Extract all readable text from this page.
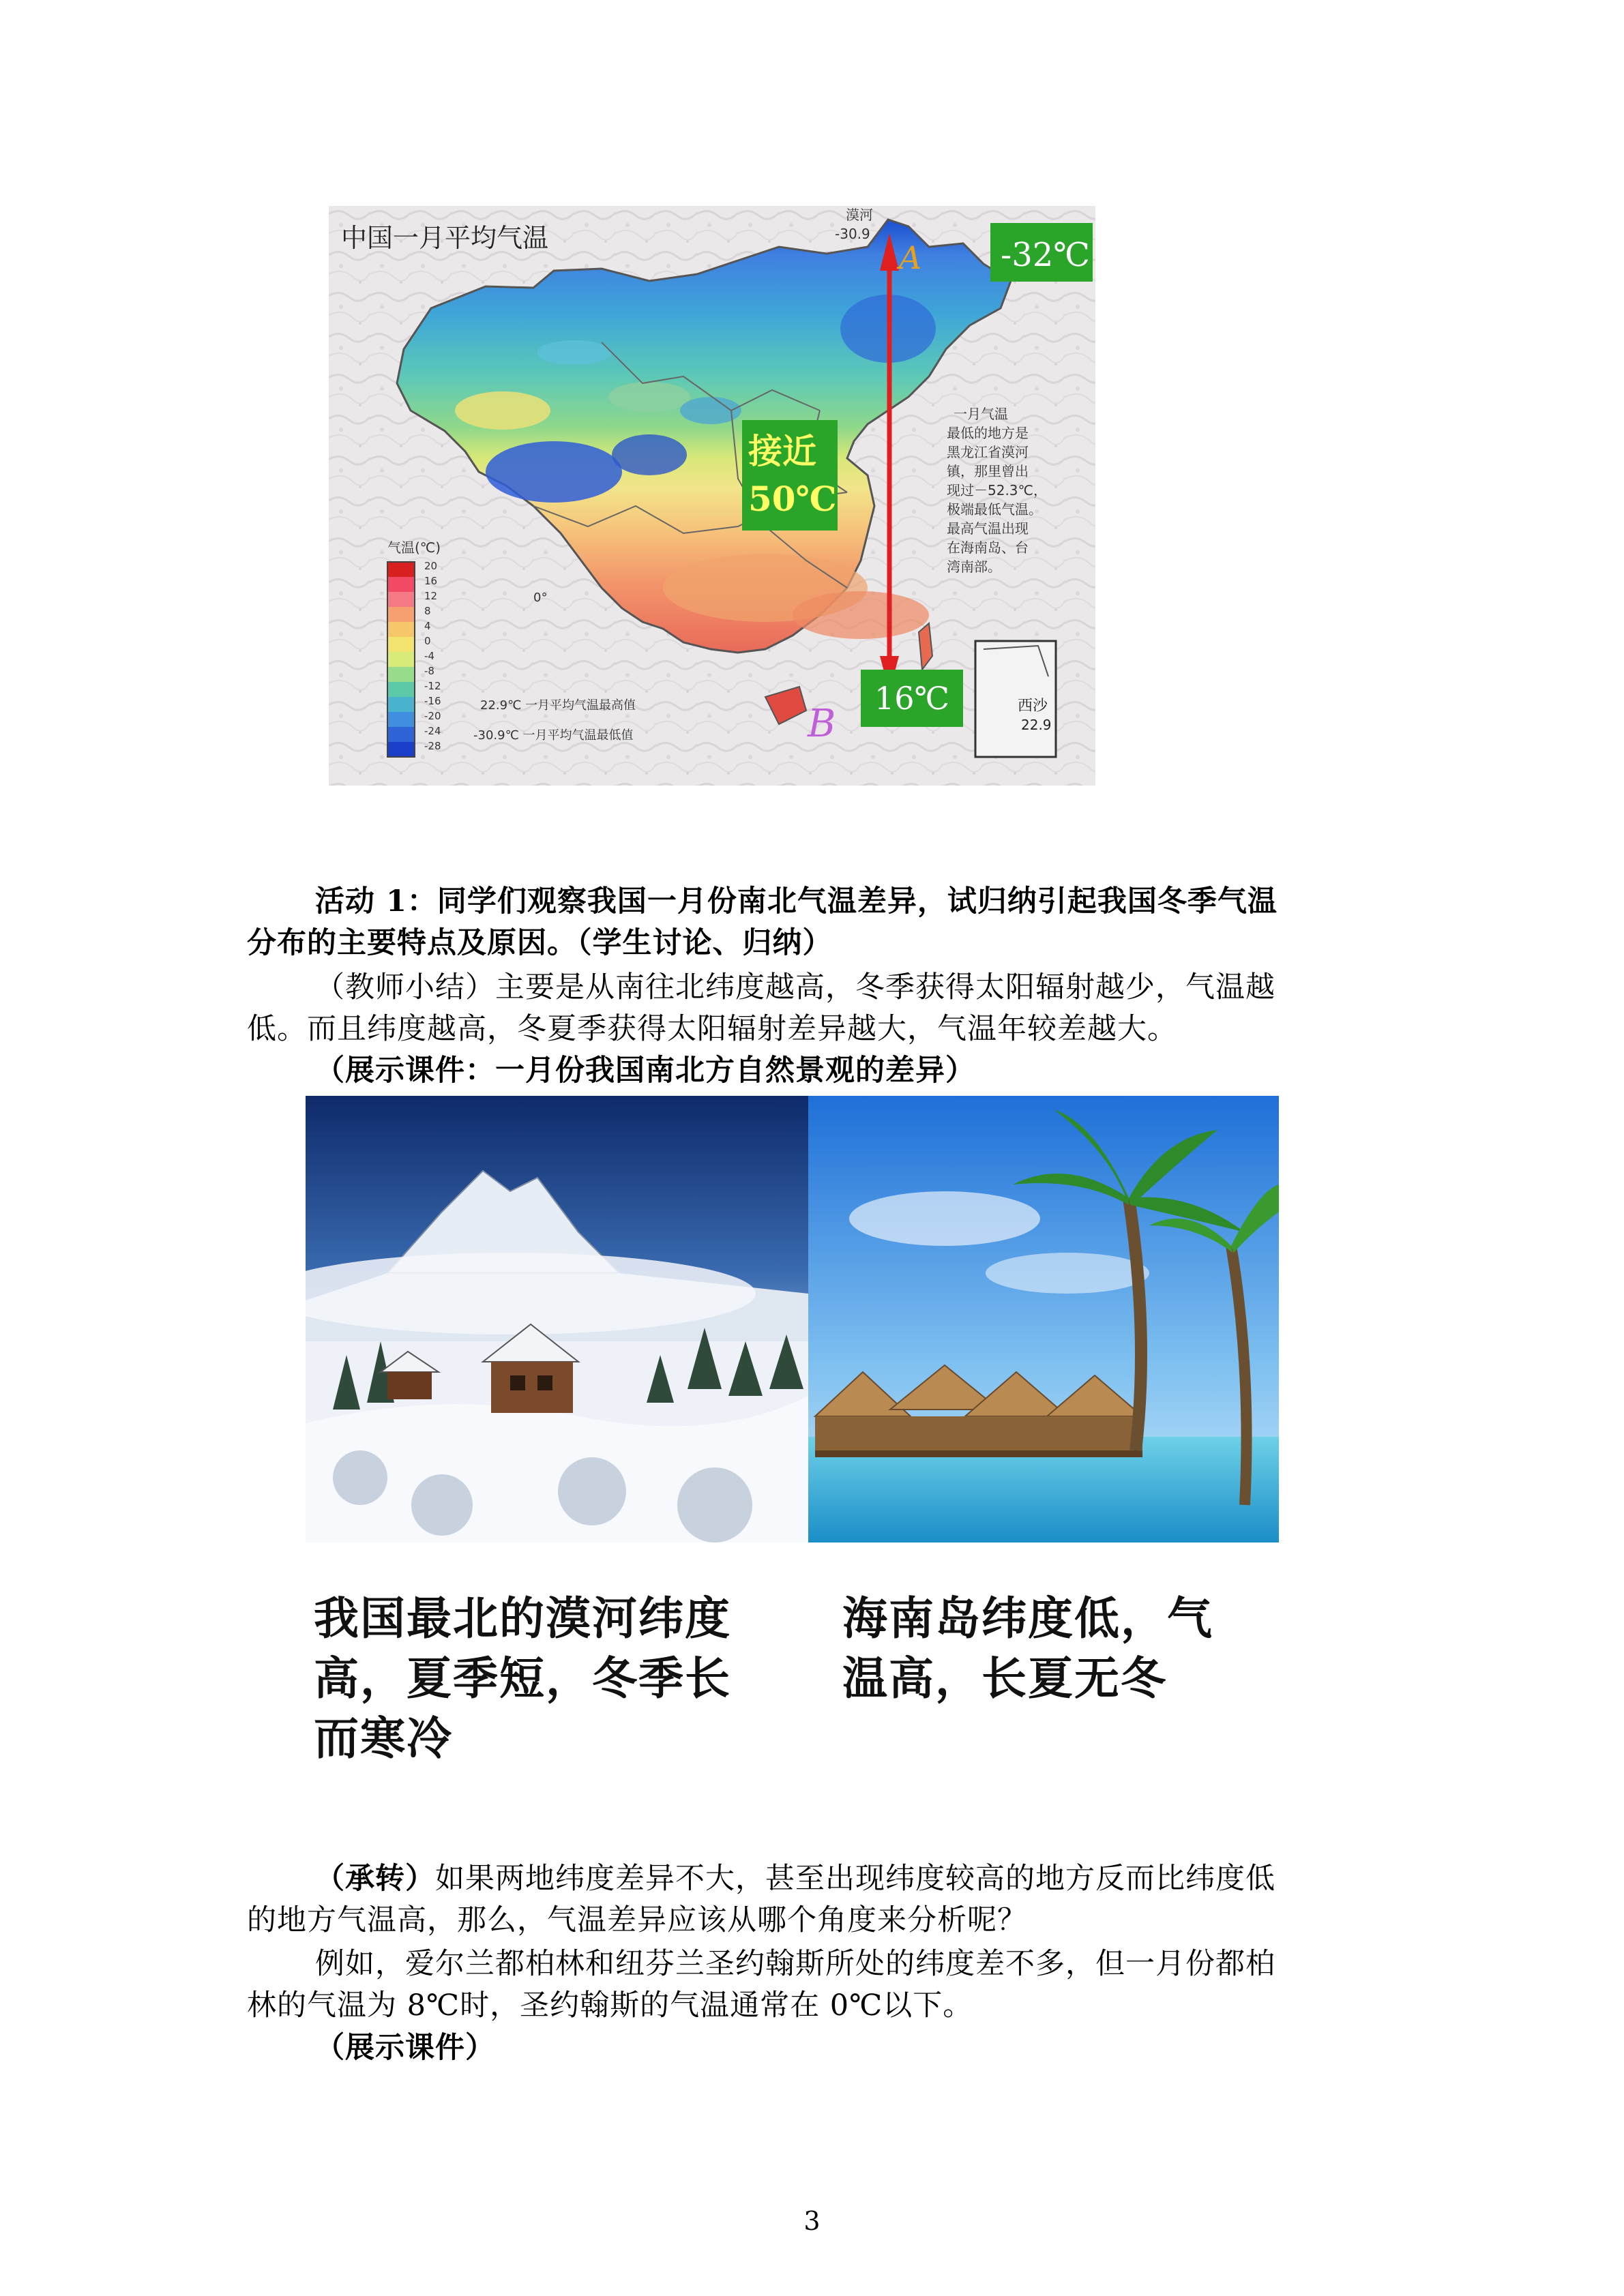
中国一月平均气温
漠河
-30.9
西沙
22.9
A
B
-32℃
接近
50℃
16℃
一月气温
最低的地方是
黑龙江省漠河
镇，那里曾出
现过－52.3℃，
极端最低气温。
最高气温出现
在海南岛、台
湾南部。
气温(℃)
20
16
12
8
4
0
-4
-8
-12
-16
-20
-24
-28
0°
22.9℃ 一月平均气温最高值
-30.9℃ 一月平均气温最低值
活动 1：同学们观察我国一月份南北气温差异，试归纳引起我国冬季气温
分布的主要特点及原因。（学生讨论、归纳）
（教师小结）主要是从南往北纬度越高，冬季获得太阳辐射越少，气温越
低。而且纬度越高，冬夏季获得太阳辐射差异越大，气温年较差越大。
（展示课件：一月份我国南北方自然景观的差异）
我国最北的漠河纬度
高，夏季短，冬季长
而寒冷
海南岛纬度低，气
温高，长夏无冬
（承转）如果两地纬度差异不大，甚至出现纬度较高的地方反而比纬度低
的地方气温高，那么，气温差异应该从哪个角度来分析呢？
例如，爱尔兰都柏林和纽芬兰圣约翰斯所处的纬度差不多，但一月份都柏
林的气温为 8℃时，圣约翰斯的气温通常在 0℃以下。
（展示课件）
3
